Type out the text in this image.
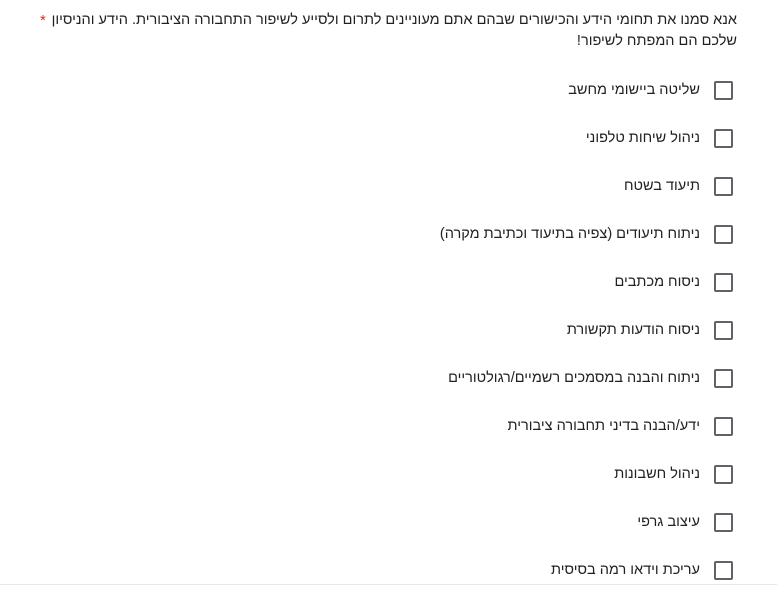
* אנא סמנו את תחומי הידע והכישורים שבהם אתם מעוניינים לתרום ולסייע לשיפור התחבורה הציבורית. הידע והניסיון שלכם הם המפתח לשיפור!
שליטה ביישומי מחשב
ניהול שיחות טלפוני
תיעוד בשטח
ניתוח תיעודים (צפיה בתיעוד וכתיבת מקרה)
ניסוח מכתבים
ניסוח הודעות תקשורת
ניתוח והבנה במסמכים רשמיים/רגולטוריים
ידע/הבנה בדיני תחבורה ציבורית
ניהול חשבונות
עיצוב גרפי
עריכת וידאו רמה בסיסית
